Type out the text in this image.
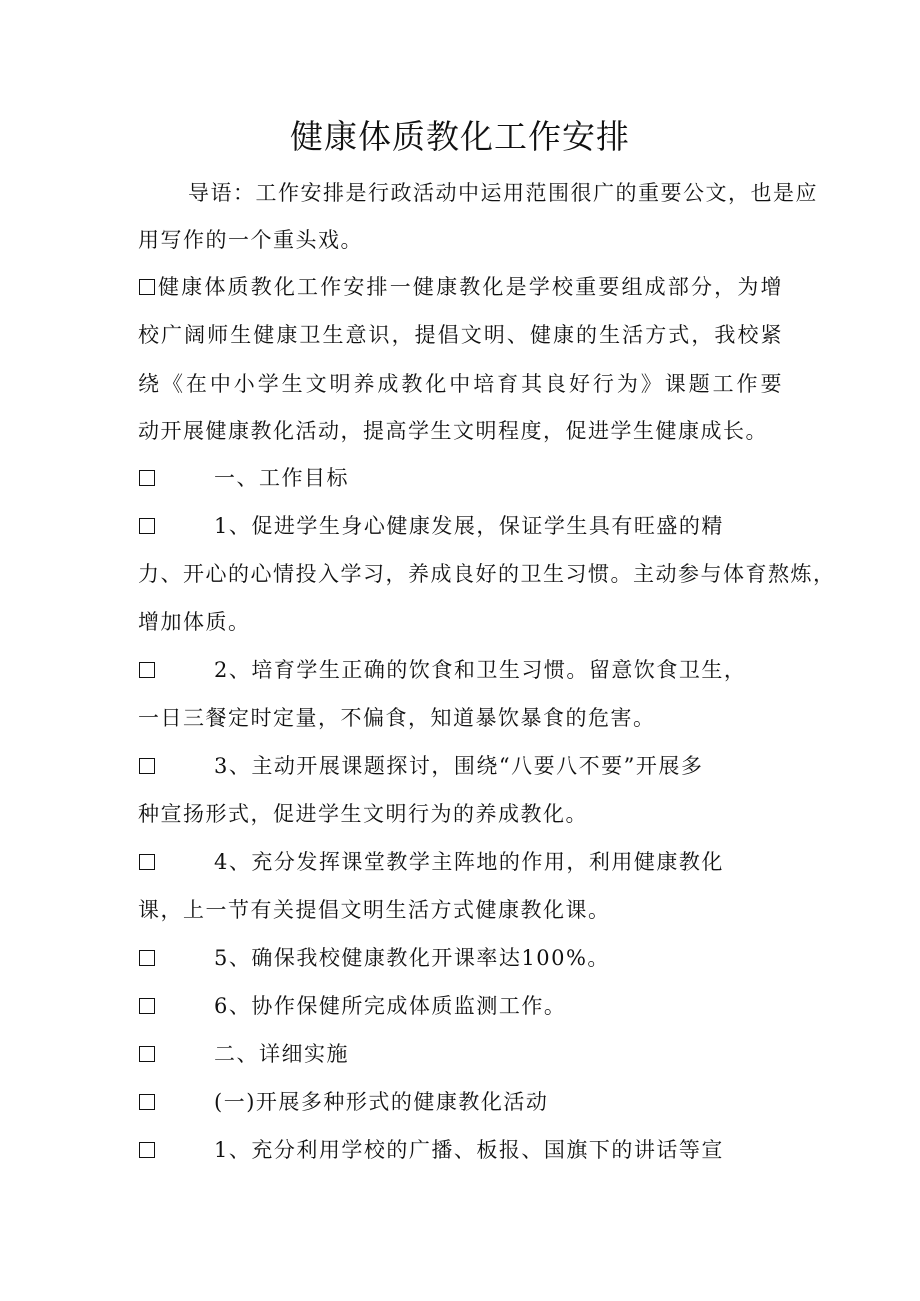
健康体质教化工作安排
导语：工作安排是行政活动中运用范围很广的重要公文，也是应
用写作的一个重头戏。
健康体质教化工作安排一健康教化是学校重要组成部分，为增
校广阔师生健康卫生意识，提倡文明、健康的生活方式，我校紧
绕《在中小学生文明养成教化中培育其良好行为》课题工作要
动开展健康教化活动，提高学生文明程度，促进学生健康成长。
一、工作目标
1、促进学生身心健康发展，保证学生具有旺盛的精
力、开心的心情投入学习，养成良好的卫生习惯。主动参与体育熬炼，
增加体质。
2、培育学生正确的饮食和卫生习惯。留意饮食卫生，
一日三餐定时定量，不偏食，知道暴饮暴食的危害。
3、主动开展课题探讨，围绕“八要八不要”开展多
种宣扬形式，促进学生文明行为的养成教化。
4、充分发挥课堂教学主阵地的作用，利用健康教化
课，上一节有关提倡文明生活方式健康教化课。
5、确保我校健康教化开课率达100%。
6、协作保健所完成体质监测工作。
二、详细实施
(一)开展多种形式的健康教化活动
1、充分利用学校的广播、板报、国旗下的讲话等宣
